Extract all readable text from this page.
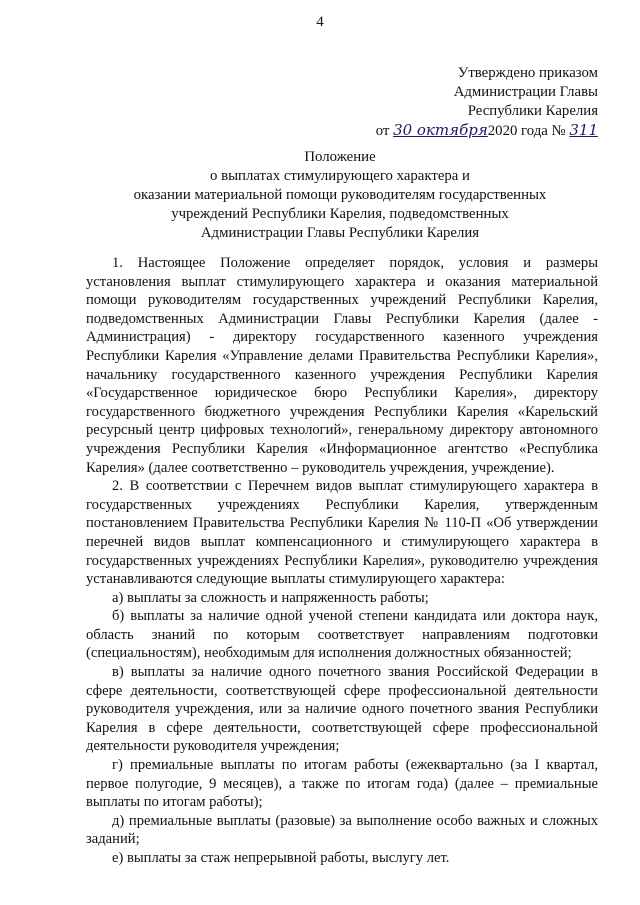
4
Утверждено приказом
Администрации Главы
Республики Карелия
от 30 октября2020 года № 311
Положение
о выплатах стимулирующего характера и
оказании материальной помощи руководителям государственных
учреждений Республики Карелия, подведомственных
Администрации Главы Республики Карелия

1. Настоящее Положение определяет порядок, условия и размеры установления выплат стимулирующего характера и оказания материальной помощи руководителям государственных учреждений Республики Карелия, подведомственных Администрации Главы Республики Карелия (далее - Администрация) - директору государственного казенного учреждения Республики Карелия «Управление делами Правительства Республики Карелия», начальнику государственного казенного учреждения Республики Карелия «Государственное юридическое бюро Республики Карелия», директору государственного бюджетного учреждения Республики Карелия «Карельский ресурсный центр цифровых технологий», генеральному директору автономного учреждения Республики Карелия «Информационное агентство «Республика Карелия» (далее соответственно – руководитель учреждения, учреждение).

2. В соответствии с Перечнем видов выплат стимулирующего характера в государственных учреждениях Республики Карелия, утвержденным постановлением Правительства Республики Карелия № 110-П «Об утверждении перечней видов выплат компенсационного и стимулирующего характера в государственных учреждениях Республики Карелия», руководителю учреждения устанавливаются следующие выплаты стимулирующего характера:

а) выплаты за сложность и напряженность работы;

б) выплаты за наличие одной ученой степени кандидата или доктора наук, область знаний по которым соответствует направлениям подготовки (специальностям), необходимым для исполнения должностных обязанностей;

в) выплаты за наличие одного почетного звания Российской Федерации в сфере деятельности, соответствующей сфере профессиональной деятельности руководителя учреждения, или за наличие одного почетного звания Республики Карелия в сфере деятельности, соответствующей сфере профессиональной деятельности руководителя учреждения;

г) премиальные выплаты по итогам работы (ежеквартально (за I квартал, первое полугодие, 9 месяцев), а также по итогам года) (далее – премиальные выплаты по итогам работы);

д) премиальные выплаты (разовые) за выполнение особо важных и сложных заданий;

е) выплаты за стаж непрерывной работы, выслугу лет.
